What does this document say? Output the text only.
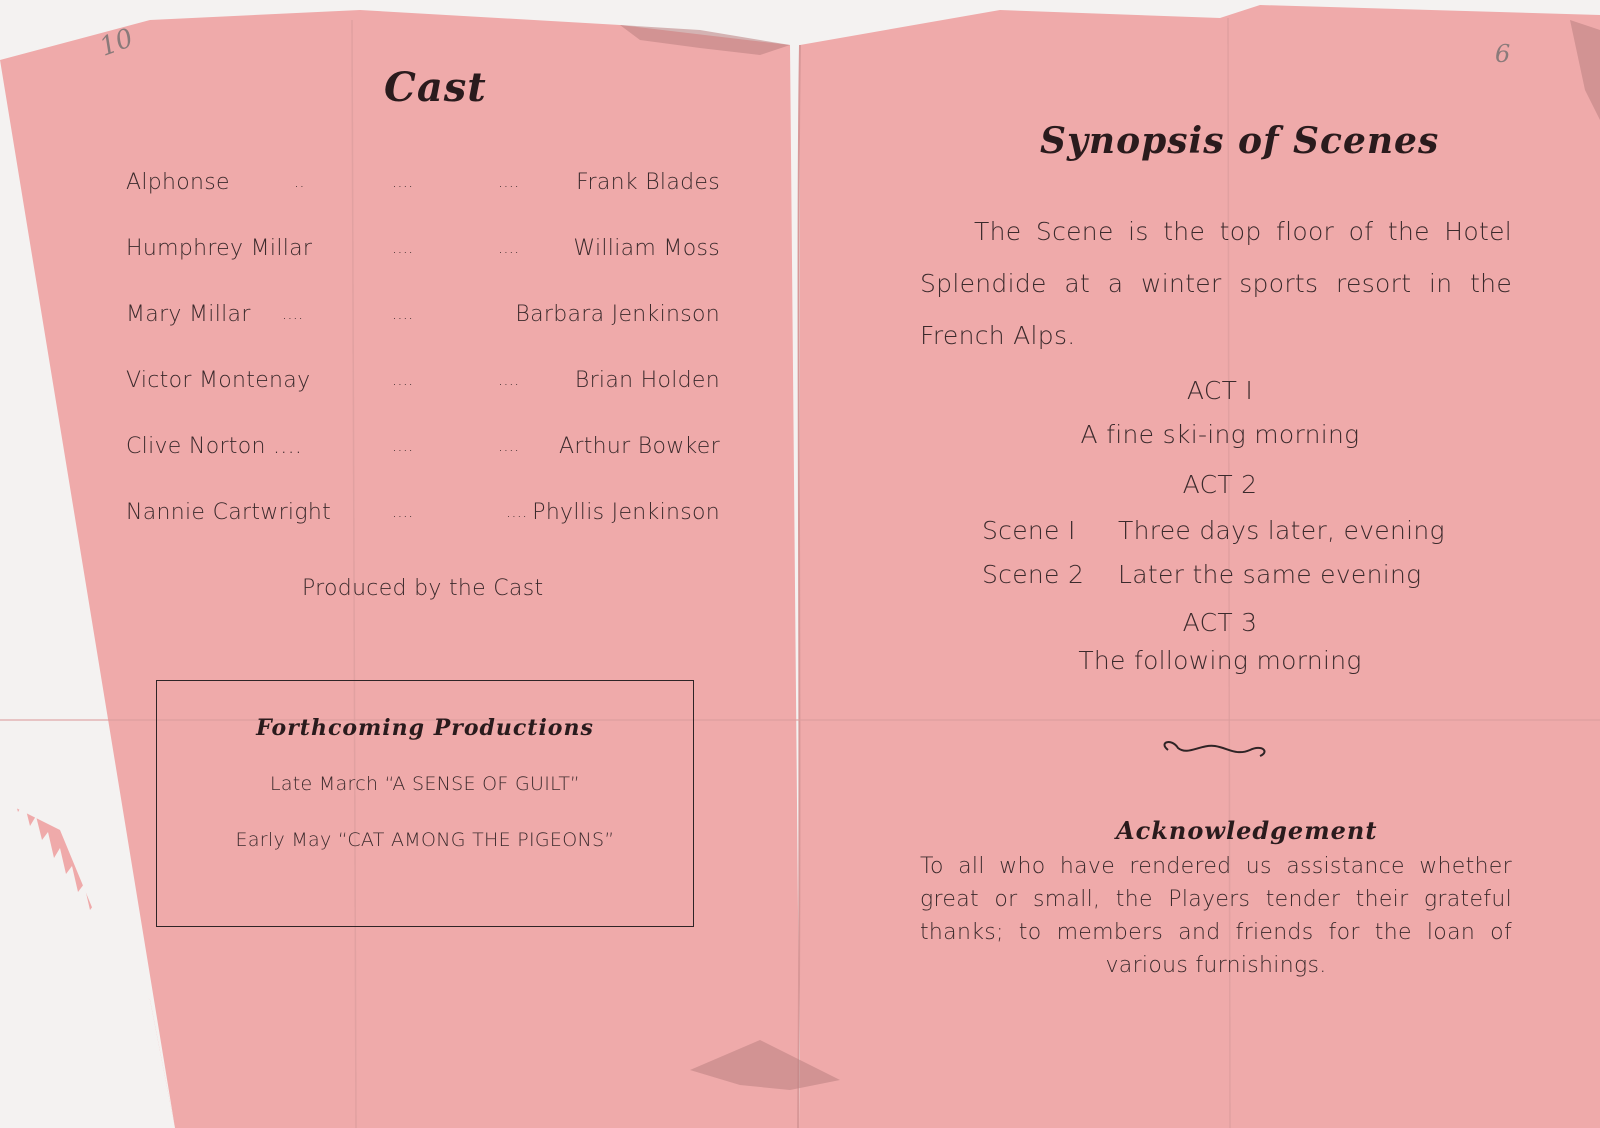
10	6
Cast
Alphonse	..	....	....	Frank Blades
Humphrey Millar	....	.... William Moss
Mary Millar ....	....	Barbara Jenkinson
Victor Montenay	....	....	Brian Holden
Clive Norton ....	....	.... Arthur Bowker
Nannie Cartwright	....	.... Phyllis Jenkinson
Produced by the Cast
Forthcoming Productions
Late March “A SENSE OF GUILT”
Early May “CAT AMONG THE PIGEONS”
Synopsis of Scenes
The Scene is the top floor of the Hotel
Splendide at a winter sports resort in the
French Alps.
ACT I
A fine ski-ing morning
ACT 2
Scene I Three days later, evening
Scene 2 Later the same evening
ACT 3
The following morning
Acknowledgement
To all who have rendered us assistance whether
great or small, the Players tender their grateful
thanks; to members and friends for the loan of
various furnishings.
